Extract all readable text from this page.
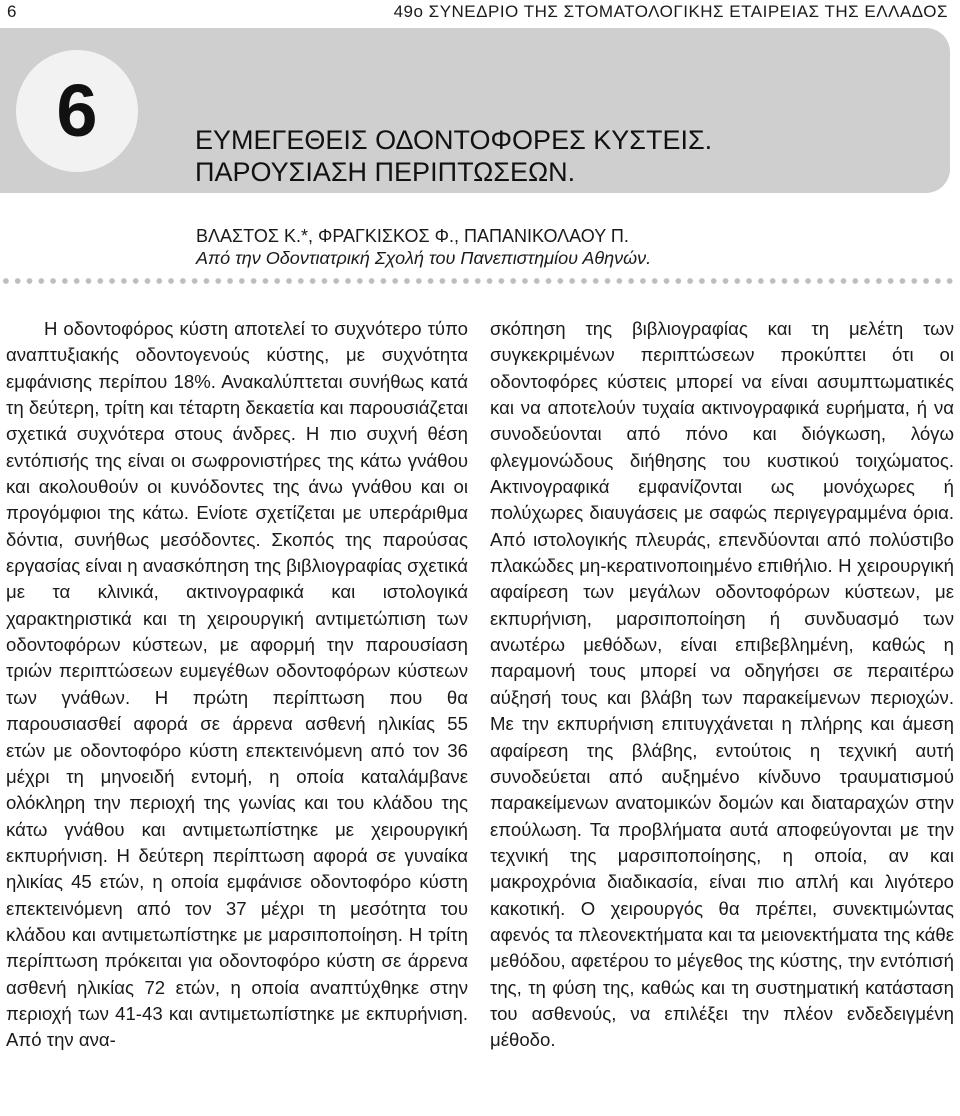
6	49ο ΣΥΝΕΔΡΙΟ ΤΗΣ ΣΤΟΜΑΤΟΛΟΓΙΚΗΣ ΕΤΑΙΡΕΙΑΣ ΤΗΣ ΕΛΛΑΔΟΣ
6	ΕΥΜΕΓΕΘΕΙΣ ΟΔΟΝΤΟΦΟΡΕΣ ΚΥΣΤΕΙΣ.
ΠΑΡΟΥΣΙΑΣΗ ΠΕΡΙΠΤΩΣΕΩΝ.
ΒΛΑΣΤΟΣ Κ.*, ΦΡΑΓΚΙΣΚΟΣ Φ., ΠΑΠΑΝΙΚΟΛΑΟΥ Π.
Από την Οδοντιατρική Σχολή του Πανεπιστημίου Αθηνών.

Η οδοντοφόρος κύστη αποτελεί το συχνότερο τύπο αναπτυξιακής οδοντογενούς κύστης, με συχνότητα εμφάνισης περίπου 18%. Ανακαλύπτεται συνήθως κατά τη δεύτερη, τρίτη και τέταρτη δεκαετία και παρουσιάζεται σχετικά συχνότερα στους άνδρες. Η πιο συχνή θέση εντόπισής της είναι οι σωφρονιστήρες της κάτω γνάθου και ακολουθούν οι κυνόδοντες της άνω γνάθου και οι προγόμφιοι της κάτω. Ενίοτε σχετίζεται με υπεράριθμα δόντια, συνήθως μεσόδοντες. Σκοπός της παρούσας εργασίας είναι η ανασκόπηση της βιβλιογραφίας σχετικά με τα κλινικά, ακτινογραφικά και ιστολογικά χαρακτηριστικά και τη χειρουργική αντιμετώπιση των οδοντοφόρων κύστεων, με αφορμή την παρουσίαση τριών περιπτώσεων ευμεγέθων οδοντοφόρων κύστεων των γνάθων. Η πρώτη περίπτωση που θα παρουσιασθεί αφορά σε άρρενα ασθενή ηλικίας 55 ετών με οδοντοφόρο κύστη επεκτεινόμενη από τον 36 μέχρι τη μηνοειδή εντομή, η οποία καταλάμβανε ολόκληρη την περιοχή της γωνίας και του κλάδου της κάτω γνάθου και αντιμετωπίστηκε με χειρουργική εκπυρήνιση. Η δεύτερη περίπτωση αφορά σε γυναίκα ηλικίας 45 ετών, η οποία εμφάνισε οδοντοφόρο κύστη επεκτεινόμενη από τον 37 μέχρι τη μεσότητα του κλάδου και αντιμετωπίστηκε με μαρσιποποίηση. Η τρίτη περίπτωση πρόκειται για οδοντοφόρο κύστη σε άρρενα ασθενή ηλικίας 72 ετών, η οποία αναπτύχθηκε στην περιοχή των 41-43 και αντιμετωπίστηκε με εκπυρήνιση. Από την ανα-

σκόπηση της βιβλιογραφίας και τη μελέτη των συγκεκριμένων περιπτώσεων προκύπτει ότι οι οδοντοφόρες κύστεις μπορεί να είναι ασυμπτωματικές και να αποτελούν τυχαία ακτινογραφικά ευρήματα, ή να συνοδεύονται από πόνο και διόγκωση, λόγω φλεγμονώδους διήθησης του κυστικού τοιχώματος. Ακτινογραφικά εμφανίζονται ως μονόχωρες ή πολύχωρες διαυγάσεις με σαφώς περιγεγραμμένα όρια. Από ιστολογικής πλευράς, επενδύονται από πολύστιβο πλακώδες μη-κερατινοποιημένο επιθήλιο. Η χειρουργική αφαίρεση των μεγάλων οδοντοφόρων κύστεων, με εκπυρήνιση, μαρσιποποίηση ή συνδυασμό των ανωτέρω μεθόδων, είναι επιβεβλημένη, καθώς η παραμονή τους μπορεί να οδηγήσει σε περαιτέρω αύξησή τους και βλάβη των παρακείμενων περιοχών. Με την εκπυρήνιση επιτυγχάνεται η πλήρης και άμεση αφαίρεση της βλάβης, εντούτοις η τεχνική αυτή συνοδεύεται από αυξημένο κίνδυνο τραυματισμού παρακείμενων ανατομικών δομών και διαταραχών στην επούλωση. Τα προβλήματα αυτά αποφεύγονται με την τεχνική της μαρσιποποίησης, η οποία, αν και μακροχρόνια διαδικασία, είναι πιο απλή και λιγότερο κακοτική. Ο χειρουργός θα πρέπει, συνεκτιμώντας αφενός τα πλεονεκτήματα και τα μειονεκτήματα της κάθε μεθόδου, αφετέρου το μέγεθος της κύστης, την εντόπισή της, τη φύση της, καθώς και τη συστηματική κατάσταση του ασθενούς, να επιλέξει την πλέον ενδεδειγμένη μέθοδο.
